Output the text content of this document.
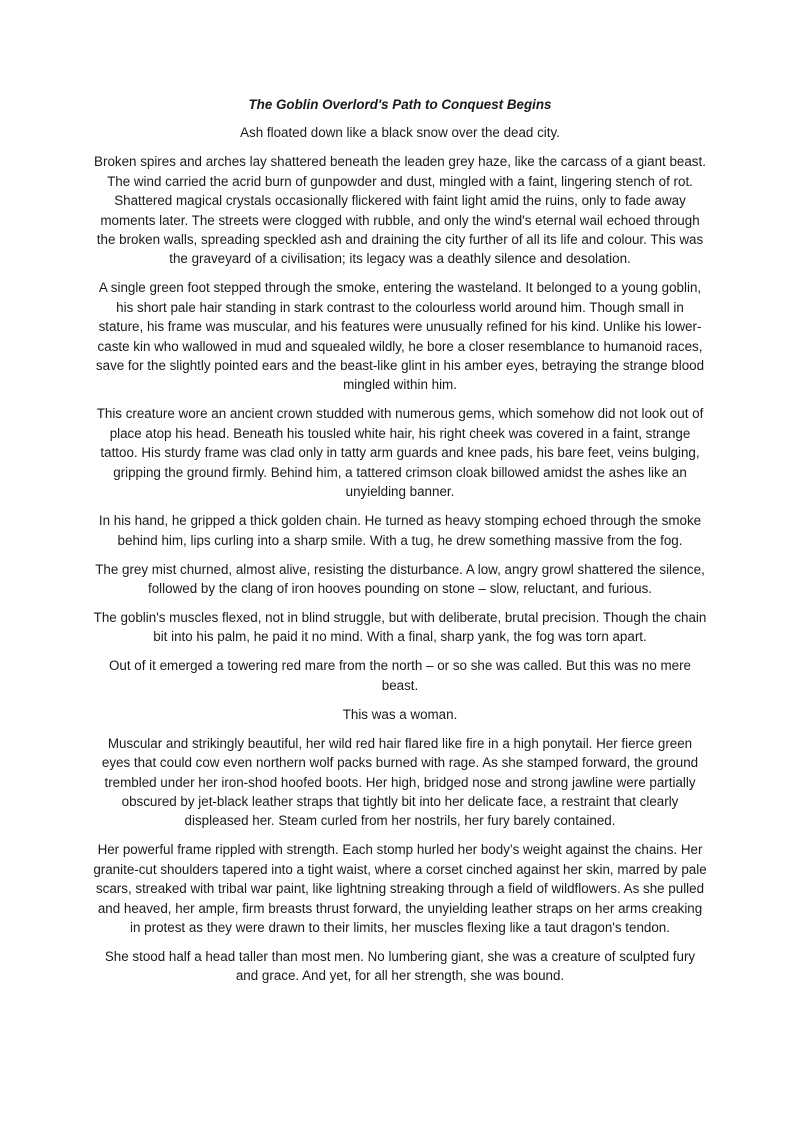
The Goblin Overlord's Path to Conquest Begins

Ash floated down like a black snow over the dead city.

Broken spires and arches lay shattered beneath the leaden grey haze, like the carcass of a giant beast. The wind carried the acrid burn of gunpowder and dust, mingled with a faint, lingering stench of rot. Shattered magical crystals occasionally flickered with faint light amid the ruins, only to fade away moments later. The streets were clogged with rubble, and only the wind's eternal wail echoed through the broken walls, spreading speckled ash and draining the city further of all its life and colour. This was the graveyard of a civilisation; its legacy was a deathly silence and desolation.

A single green foot stepped through the smoke, entering the wasteland. It belonged to a young goblin, his short pale hair standing in stark contrast to the colourless world around him. Though small in stature, his frame was muscular, and his features were unusually refined for his kind. Unlike his lower-caste kin who wallowed in mud and squealed wildly, he bore a closer resemblance to humanoid races, save for the slightly pointed ears and the beast-like glint in his amber eyes, betraying the strange blood mingled within him.

This creature wore an ancient crown studded with numerous gems, which somehow did not look out of place atop his head. Beneath his tousled white hair, his right cheek was covered in a faint, strange tattoo. His sturdy frame was clad only in tatty arm guards and knee pads, his bare feet, veins bulging, gripping the ground firmly. Behind him, a tattered crimson cloak billowed amidst the ashes like an unyielding banner.

In his hand, he gripped a thick golden chain. He turned as heavy stomping echoed through the smoke behind him, lips curling into a sharp smile. With a tug, he drew something massive from the fog.

The grey mist churned, almost alive, resisting the disturbance. A low, angry growl shattered the silence, followed by the clang of iron hooves pounding on stone – slow, reluctant, and furious.

The goblin's muscles flexed, not in blind struggle, but with deliberate, brutal precision. Though the chain bit into his palm, he paid it no mind. With a final, sharp yank, the fog was torn apart.

Out of it emerged a towering red mare from the north – or so she was called. But this was no mere beast.

This was a woman.

Muscular and strikingly beautiful, her wild red hair flared like fire in a high ponytail. Her fierce green eyes that could cow even northern wolf packs burned with rage. As she stamped forward, the ground trembled under her iron-shod hoofed boots. Her high, bridged nose and strong jawline were partially obscured by jet-black leather straps that tightly bit into her delicate face, a restraint that clearly displeased her. Steam curled from her nostrils, her fury barely contained.

Her powerful frame rippled with strength. Each stomp hurled her body’s weight against the chains. Her granite-cut shoulders tapered into a tight waist, where a corset cinched against her skin, marred by pale scars, streaked with tribal war paint, like lightning streaking through a field of wildflowers. As she pulled and heaved, her ample, firm breasts thrust forward, the unyielding leather straps on her arms creaking in protest as they were drawn to their limits, her muscles flexing like a taut dragon's tendon.

She stood half a head taller than most men. No lumbering giant, she was a creature of sculpted fury and grace. And yet, for all her strength, she was bound.
